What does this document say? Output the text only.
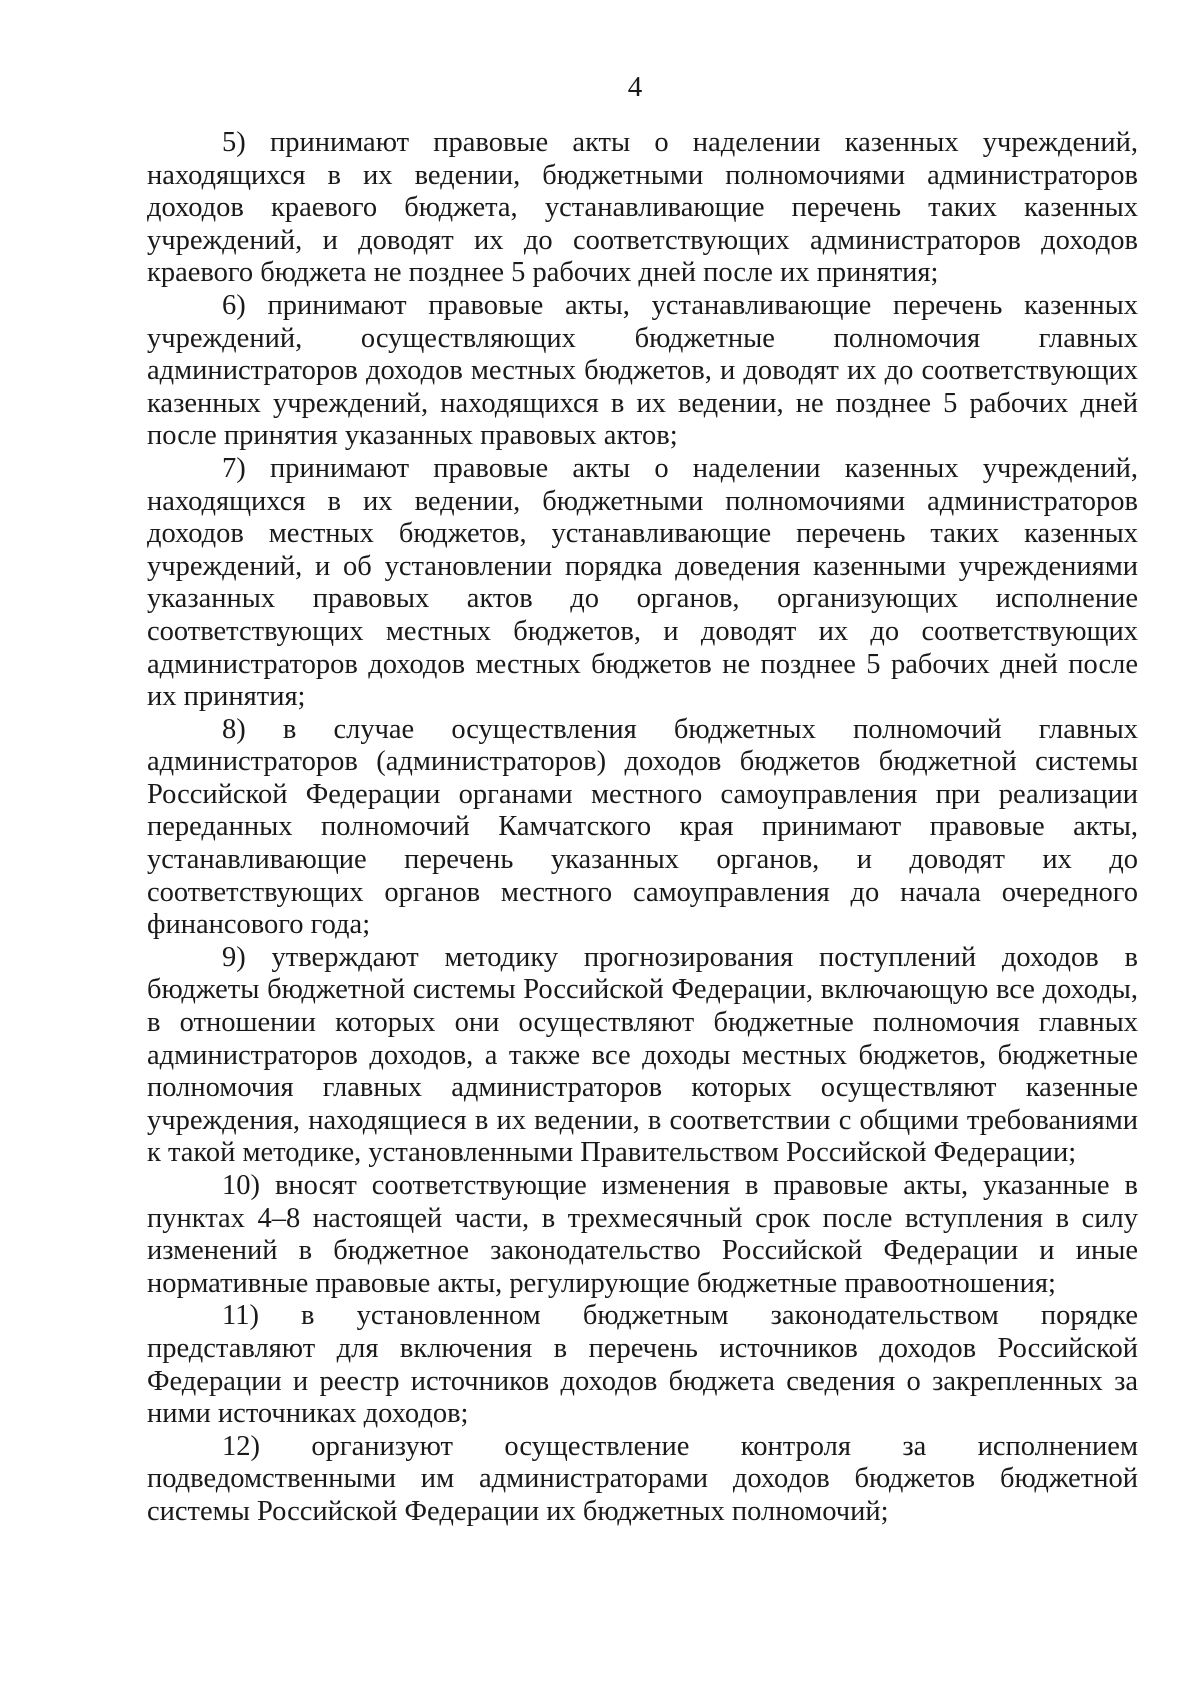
4

5) принимают правовые акты о наделении казенных учреждений, находящихся в их ведении, бюджетными полномочиями администраторов доходов краевого бюджета, устанавливающие перечень таких казенных учреждений, и доводят их до соответствующих администраторов доходов краевого бюджета не позднее 5 рабочих дней после их принятия;

6) принимают правовые акты, устанавливающие перечень казенных учреждений, осуществляющих бюджетные полномочия главных администраторов доходов местных бюджетов, и доводят их до соответствующих казенных учреждений, находящихся в их ведении, не позднее 5 рабочих дней после принятия указанных правовых актов;

7) принимают правовые акты о наделении казенных учреждений, находящихся в их ведении, бюджетными полномочиями администраторов доходов местных бюджетов, устанавливающие перечень таких казенных учреждений, и об установлении порядка доведения казенными учреждениями указанных правовых актов до органов, организующих исполнение соответствующих местных бюджетов, и доводят их до соответствующих администраторов доходов местных бюджетов не позднее 5 рабочих дней после их принятия;

8) в случае осуществления бюджетных полномочий главных администраторов (администраторов) доходов бюджетов бюджетной системы Российской Федерации органами местного самоуправления при реализации переданных полномочий Камчатского края принимают правовые акты, устанавливающие перечень указанных органов, и доводят их до соответствующих органов местного самоуправления до начала очередного финансового года;

9) утверждают методику прогнозирования поступлений доходов в бюджеты бюджетной системы Российской Федерации, включающую все доходы, в отношении которых они осуществляют бюджетные полномочия главных администраторов доходов, а также все доходы местных бюджетов, бюджетные полномочия главных администраторов которых осуществляют казенные учреждения, находящиеся в их ведении, в соответствии с общими требованиями к такой методике, установленными Правительством Российской Федерации;

10) вносят соответствующие изменения в правовые акты, указанные в пунктах 4–8 настоящей части, в трехмесячный срок после вступления в силу изменений в бюджетное законодательство Российской Федерации и иные нормативные правовые акты, регулирующие бюджетные правоотношения;

11) в установленном бюджетным законодательством порядке представляют для включения в перечень источников доходов Российской Федерации и реестр источников доходов бюджета сведения о закрепленных за ними источниках доходов;

12) организуют осуществление контроля за исполнением подведомственными им администраторами доходов бюджетов бюджетной системы Российской Федерации их бюджетных полномочий;
